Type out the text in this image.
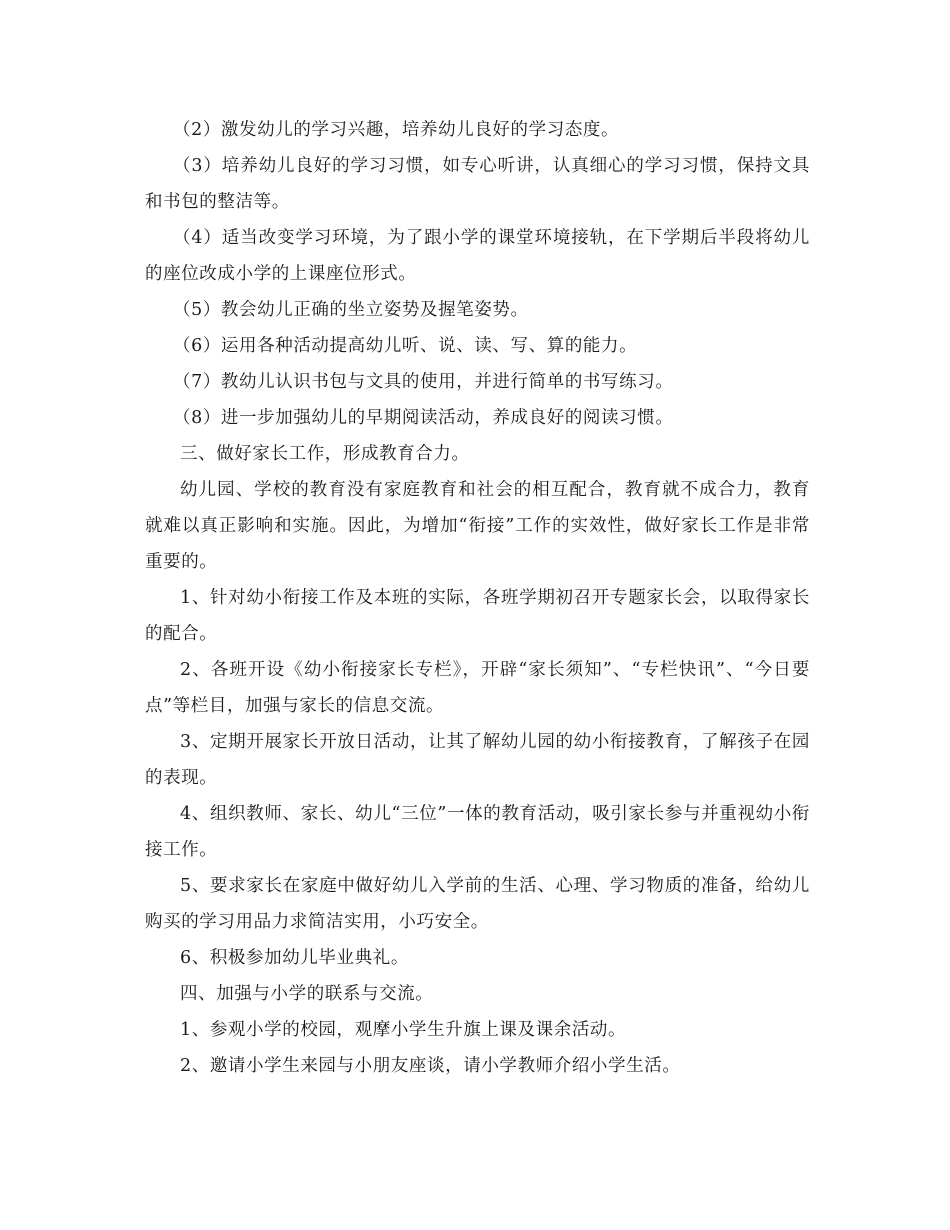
（2）激发幼儿的学习兴趣，培养幼儿良好的学习态度。

（3）培养幼儿良好的学习习惯，如专心听讲，认真细心的学习习惯，保持文具和书包的整洁等。

（4）适当改变学习环境，为了跟小学的课堂环境接轨，在下学期后半段将幼儿的座位改成小学的上课座位形式。

（5）教会幼儿正确的坐立姿势及握笔姿势。

（6）运用各种活动提高幼儿听、说、读、写、算的能力。

（7）教幼儿认识书包与文具的使用，并进行简单的书写练习。

（8）进一步加强幼儿的早期阅读活动，养成良好的阅读习惯。

三、做好家长工作，形成教育合力。

幼儿园、学校的教育没有家庭教育和社会的相互配合，教育就不成合力，教育就难以真正影响和实施。因此，为增加“衔接”工作的实效性，做好家长工作是非常重要的。

1、针对幼小衔接工作及本班的实际，各班学期初召开专题家长会，以取得家长的配合。

2、各班开设《幼小衔接家长专栏》，开辟“家长须知”、“专栏快讯”、“今日要点”等栏目，加强与家长的信息交流。

3、定期开展家长开放日活动，让其了解幼儿园的幼小衔接教育，了解孩子在园的表现。

4、组织教师、家长、幼儿“三位”一体的教育活动，吸引家长参与并重视幼小衔接工作。

5、要求家长在家庭中做好幼儿入学前的生活、心理、学习物质的准备，给幼儿购买的学习用品力求简洁实用，小巧安全。

6、积极参加幼儿毕业典礼。

四、加强与小学的联系与交流。

1、参观小学的校园，观摩小学生升旗上课及课余活动。

2、邀请小学生来园与小朋友座谈，请小学教师介绍小学生活。
